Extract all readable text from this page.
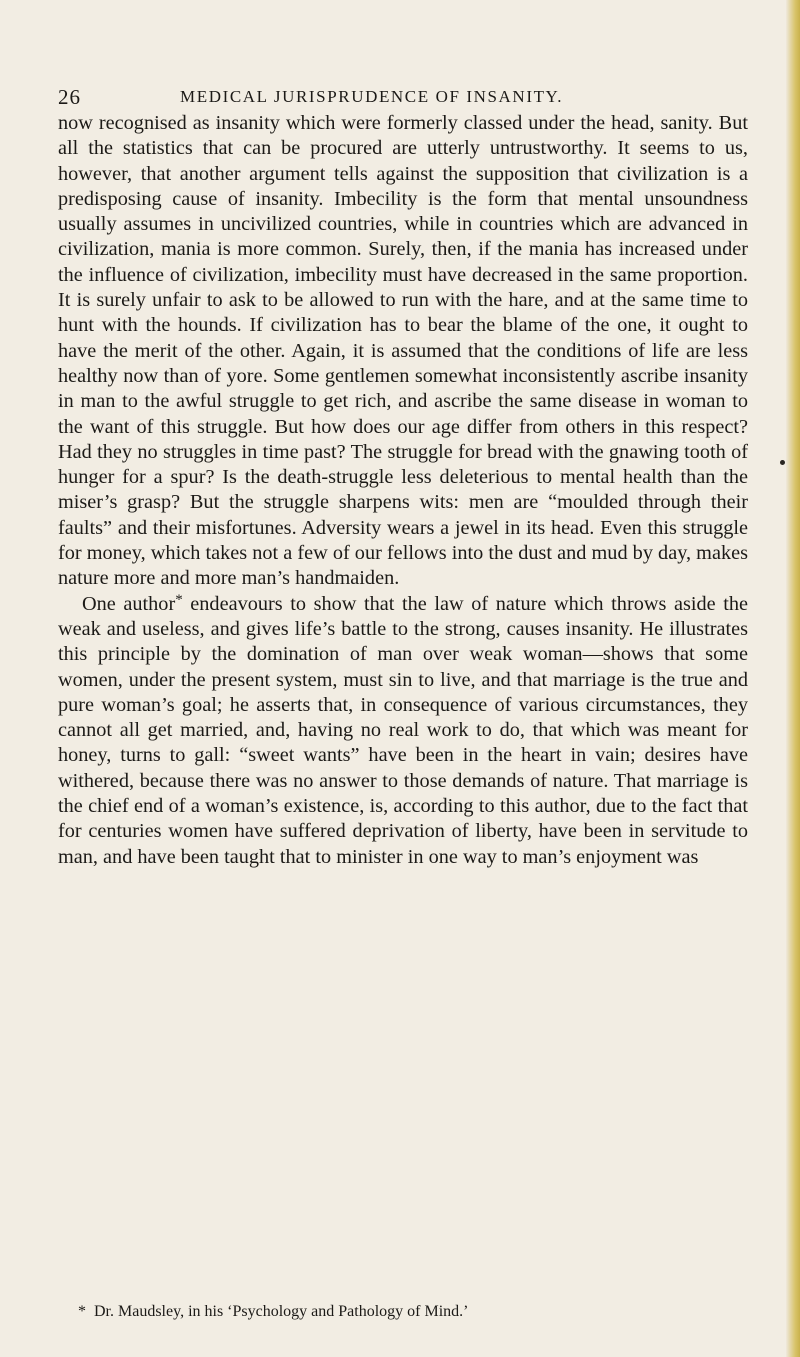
26	MEDICAL JURISPRUDENCE OF INSANITY.

now recognised as insanity which were formerly classed under the head, sanity. But all the statistics that can be procured are utterly untrustworthy. It seems to us, however, that another argument tells against the supposition that civilization is a predisposing cause of insanity. Imbecility is the form that mental unsoundness usually assumes in uncivilized countries, while in countries which are advanced in civilization, mania is more common. Surely, then, if the mania has increased under the influence of civilization, imbecility must have decreased in the same proportion. It is surely unfair to ask to be allowed to run with the hare, and at the same time to hunt with the hounds. If civilization has to bear the blame of the one, it ought to have the merit of the other. Again, it is assumed that the conditions of life are less healthy now than of yore. Some gentlemen somewhat inconsistently ascribe insanity in man to the awful struggle to get rich, and ascribe the same disease in woman to the want of this struggle. But how does our age differ from others in this respect? Had they no struggles in time past? The struggle for bread with the gnawing tooth of hunger for a spur? Is the death-struggle less deleterious to mental health than the miser’s grasp? But the struggle sharpens wits: men are “moulded through their faults” and their misfortunes. Adversity wears a jewel in its head. Even this struggle for money, which takes not a few of our fellows into the dust and mud by day, makes nature more and more man’s handmaiden.

One author* endeavours to show that the law of nature which throws aside the weak and useless, and gives life’s battle to the strong, causes insanity. He illustrates this principle by the domination of man over weak woman—shows that some women, under the present system, must sin to live, and that marriage is the true and pure woman’s goal; he asserts that, in consequence of various circumstances, they cannot all get married, and, having no real work to do, that which was meant for honey, turns to gall: “sweet wants” have been in the heart in vain; desires have withered, because there was no answer to those demands of nature. That marriage is the chief end of a woman’s existence, is, according to this author, due to the fact that for centuries women have suffered deprivation of liberty, have been in servitude to man, and have been taught that to minister in one way to man’s enjoyment was

* Dr. Maudsley, in his ‘Psychology and Pathology of Mind.’
